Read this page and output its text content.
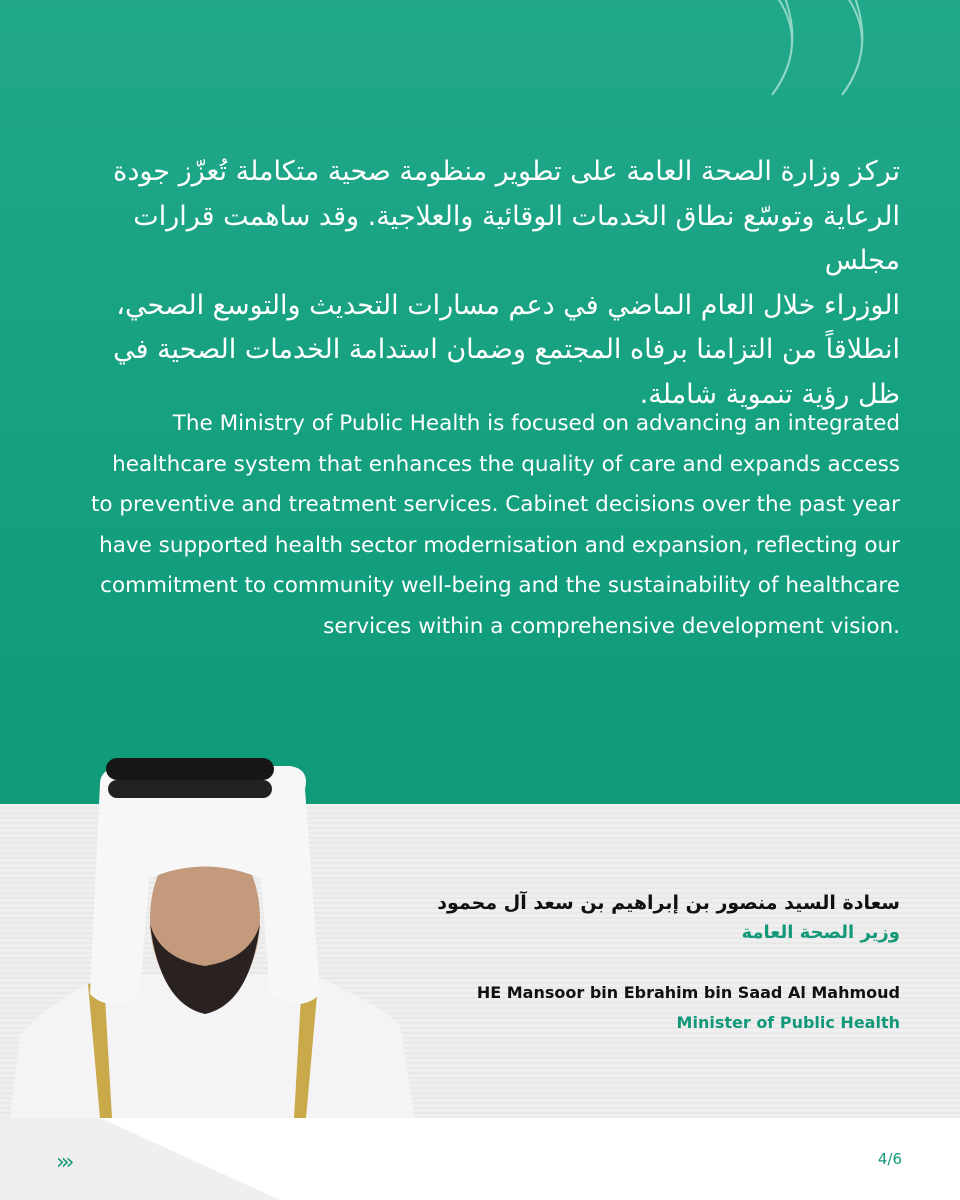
تركز وزارة الصحة العامة على تطوير منظومة صحية متكاملة تُعزّز جودة
الرعاية وتوسّع نطاق الخدمات الوقائية والعلاجية. وقد ساهمت قرارات مجلس
الوزراء خلال العام الماضي في دعم مسارات التحديث والتوسع الصحي،
انطلاقاً من التزامنا برفاه المجتمع وضمان استدامة الخدمات الصحية في
ظل رؤية تنموية شاملة.
The Ministry of Public Health is focused on advancing an integrated
healthcare system that enhances the quality of care and expands access
to preventive and treatment services. Cabinet decisions over the past year
have supported health sector modernisation and expansion, reflecting our
commitment to community well-being and the sustainability of healthcare
services within a comprehensive development vision.
سعادة السيد منصور بن إبراهيم بن سعد آل محمود
وزير الصحة العامة
HE Mansoor bin Ebrahim bin Saad Al Mahmoud
Minister of Public Health
›››	4/6
